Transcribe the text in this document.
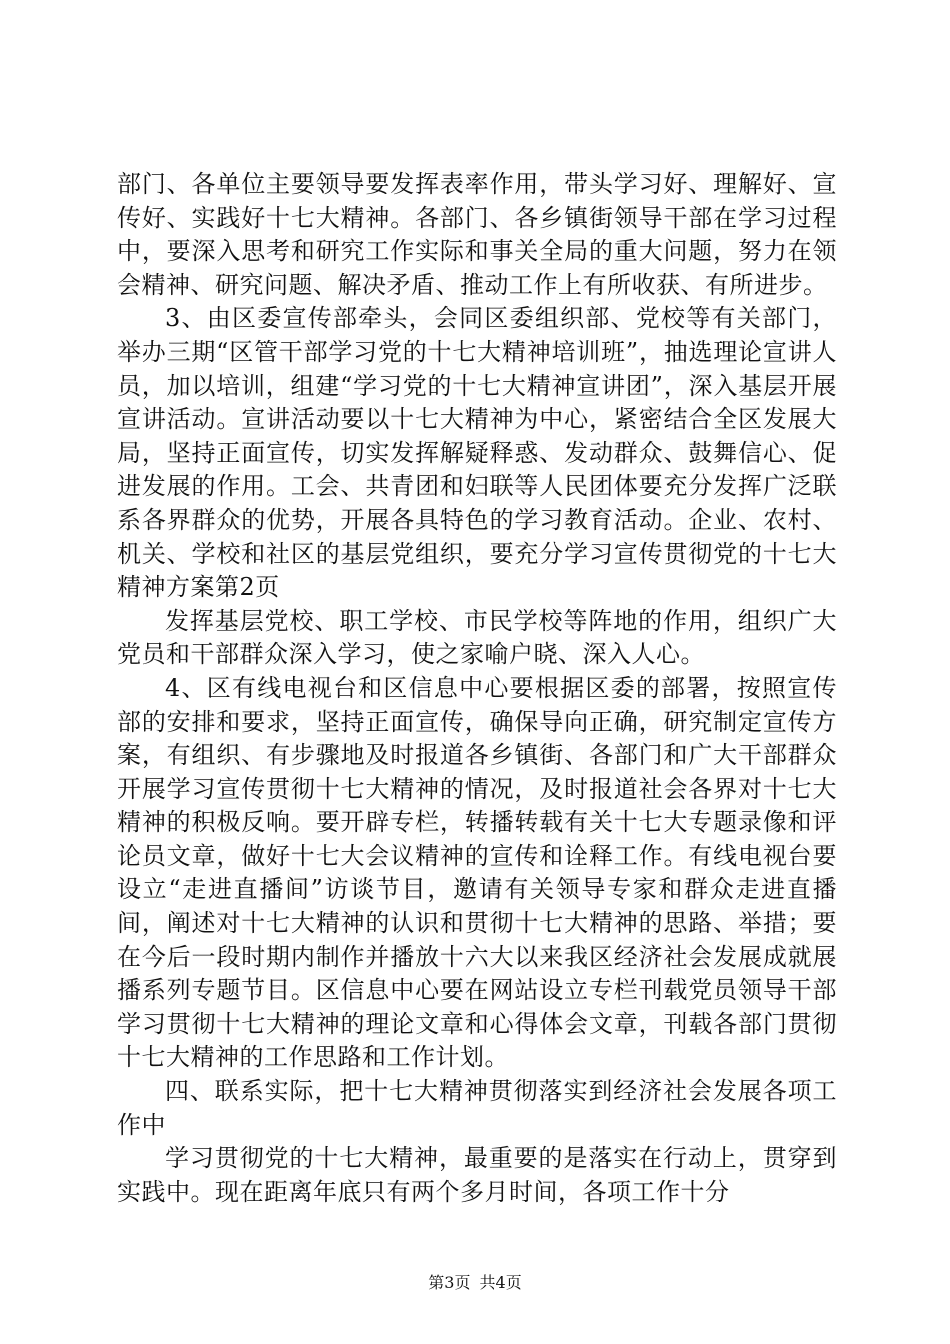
部门、各单位主要领导要发挥表率作用，带头学习好、理解好、宣传好、实践好十七大精神。各部门、各乡镇街领导干部在学习过程中，要深入思考和研究工作实际和事关全局的重大问题，努力在领会精神、研究问题、解决矛盾、推动工作上有所收获、有所进步。

3、由区委宣传部牵头，会同区委组织部、党校等有关部门，举办三期“区管干部学习党的十七大精神培训班”，抽选理论宣讲人员，加以培训，组建“学习党的十七大精神宣讲团”，深入基层开展宣讲活动。宣讲活动要以十七大精神为中心，紧密结合全区发展大局，坚持正面宣传，切实发挥解疑释惑、发动群众、鼓舞信心、促进发展的作用。工会、共青团和妇联等人民团体要充分发挥广泛联系各界群众的优势，开展各具特色的学习教育活动。企业、农村、机关、学校和社区的基层党组织，要充分学习宣传贯彻党的十七大精神方案第2页

发挥基层党校、职工学校、市民学校等阵地的作用，组织广大党员和干部群众深入学习，使之家喻户晓、深入人心。

4、区有线电视台和区信息中心要根据区委的部署，按照宣传部的安排和要求，坚持正面宣传，确保导向正确，研究制定宣传方案，有组织、有步骤地及时报道各乡镇街、各部门和广大干部群众开展学习宣传贯彻十七大精神的情况，及时报道社会各界对十七大精神的积极反响。要开辟专栏，转播转载有关十七大专题录像和评论员文章，做好十七大会议精神的宣传和诠释工作。有线电视台要设立“走进直播间”访谈节目，邀请有关领导专家和群众走进直播间，阐述对十七大精神的认识和贯彻十七大精神的思路、举措；要在今后一段时期内制作并播放十六大以来我区经济社会发展成就展播系列专题节目。区信息中心要在网站设立专栏刊载党员领导干部学习贯彻十七大精神的理论文章和心得体会文章，刊载各部门贯彻十七大精神的工作思路和工作计划。

四、联系实际，把十七大精神贯彻落实到经济社会发展各项工作中

学习贯彻党的十七大精神，最重要的是落实在行动上，贯穿到实践中。现在距离年底只有两个多月时间，各项工作十分

第3页 共4页
